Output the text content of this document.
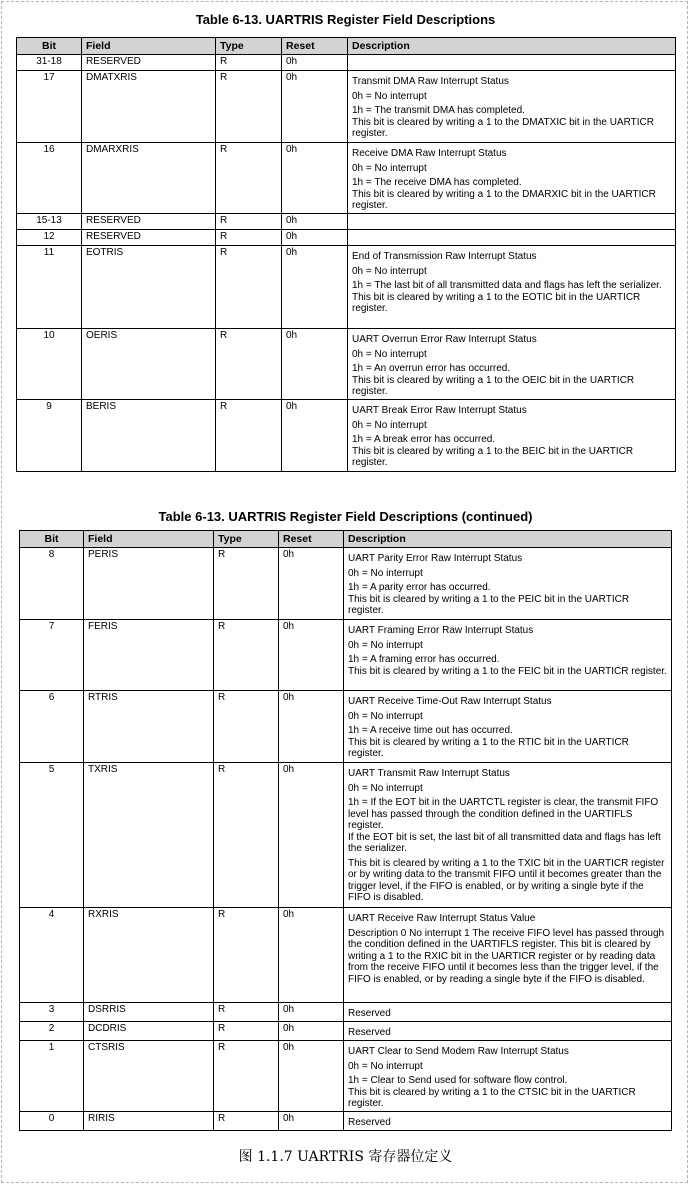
Table 6-13. UARTRIS Register Field Descriptions
Bit	Field	Type	Reset	Description
31-18	RESERVED	R	0h	
17	DMATXRIS	R	0h	Transmit DMA Raw Interrupt Status
0h = No interrupt
1h = The transmit DMA has completed.
This bit is cleared by writing a 1 to the DMATXIC bit in the UARTICR register.

16	DMARXRIS	R	0h	Receive DMA Raw Interrupt Status
0h = No interrupt
1h = The receive DMA has completed.
This bit is cleared by writing a 1 to the DMARXIC bit in the UARTICR register.

15-13	RESERVED	R	0h	
12	RESERVED	R	0h	
11	EOTRIS	R	0h	End of Transmission Raw Interrupt Status
0h = No interrupt
1h = The last bit of all transmitted data and flags has left the serializer.
This bit is cleared by writing a 1 to the EOTIC bit in the UARTICR register.

10	OERIS	R	0h	UART Overrun Error Raw Interrupt Status
0h = No interrupt
1h = An overrun error has occurred.
This bit is cleared by writing a 1 to the OEIC bit in the UARTICR register.

9	BERIS	R	0h	UART Break Error Raw Interrupt Status
0h = No interrupt
1h = A break error has occurred.
This bit is cleared by writing a 1 to the BEIC bit in the UARTICR register.
Table 6-13. UARTRIS Register Field Descriptions (continued)
Bit	Field	Type	Reset	Description
8	PERIS	R	0h	UART Parity Error Raw Interrupt Status
0h = No interrupt
1h = A parity error has occurred.
This bit is cleared by writing a 1 to the PEIC bit in the UARTICR register.

7	FERIS	R	0h	UART Framing Error Raw Interrupt Status
0h = No interrupt
1h = A framing error has occurred.
This bit is cleared by writing a 1 to the FEIC bit in the UARTICR register.

6	RTRIS	R	0h	UART Receive Time-Out Raw Interrupt Status
0h = No interrupt
1h = A receive time out has occurred.
This bit is cleared by writing a 1 to the RTIC bit in the UARTICR register.

5	TXRIS	R	0h	UART Transmit Raw Interrupt Status
0h = No interrupt
1h = If the EOT bit in the UARTCTL register is clear, the transmit FIFO level has passed through the condition defined in the UARTIFLS register.
If the EOT bit is set, the last bit of all transmitted data and flags has left the serializer.
This bit is cleared by writing a 1 to the TXIC bit in the UARTICR register or by writing data to the transmit FIFO until it becomes greater than the trigger level, if the FIFO is enabled, or by writing a single byte if the FIFO is disabled.

4	RXRIS	R	0h	UART Receive Raw Interrupt Status Value
Description 0 No interrupt 1 The receive FIFO level has passed through the condition defined in the UARTIFLS register. This bit is cleared by writing a 1 to the RXIC bit in the UARTICR register or by reading data from the receive FIFO until it becomes less than the trigger level, if the FIFO is enabled, or by reading a single byte if the FIFO is disabled.

3	DSRRIS	R	0h	Reserved

2	DCDRIS	R	0h	Reserved

1	CTSRIS	R	0h	UART Clear to Send Modem Raw Interrupt Status
0h = No interrupt
1h = Clear to Send used for software flow control.
This bit is cleared by writing a 1 to the CTSIC bit in the UARTICR register.

0	RIRIS	R	0h	Reserved
图 1.1.7 UARTRIS 寄存器位定义
